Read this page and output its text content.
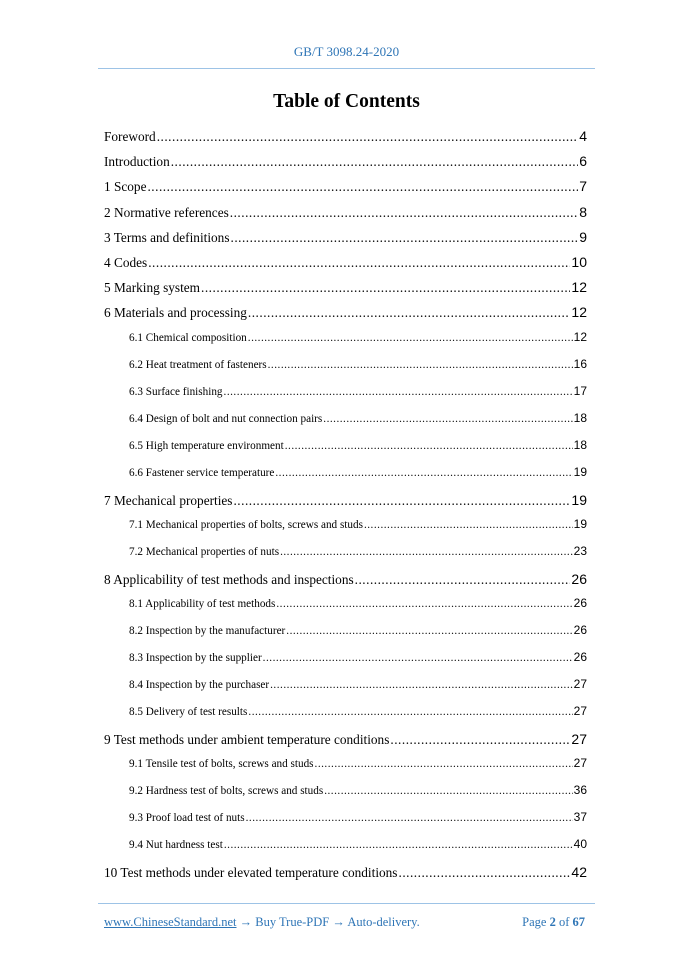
GB/T 3098.24-2020
Table of Contents
Foreword .....	4
Introduction .....	6
1 Scope .....	7
2 Normative references .....	8
3 Terms and definitions .....	9
4 Codes .....	10
5 Marking system .....	12
6 Materials and processing .....	12
6.1 Chemical composition .....	12
6.2 Heat treatment of fasteners .....	16
6.3 Surface finishing .....	17
6.4 Design of bolt and nut connection pairs .....	18
6.5 High temperature environment .....	18
6.6 Fastener service temperature .....	19
7 Mechanical properties .....	19
7.1 Mechanical properties of bolts, screws and studs .....	19
7.2 Mechanical properties of nuts .....	23
8 Applicability of test methods and inspections .....	26
8.1 Applicability of test methods .....	26
8.2 Inspection by the manufacturer .....	26
8.3 Inspection by the supplier .....	26
8.4 Inspection by the purchaser .....	27
8.5 Delivery of test results .....	27
9 Test methods under ambient temperature conditions .....	27
9.1 Tensile test of bolts, screws and studs .....	27
9.2 Hardness test of bolts, screws and studs .....	36
9.3 Proof load test of nuts .....	37
9.4 Nut hardness test .....	40
10 Test methods under elevated temperature conditions .....	42
www.ChineseStandard.net → Buy True-PDF → Auto-delivery.	Page 2 of 67
